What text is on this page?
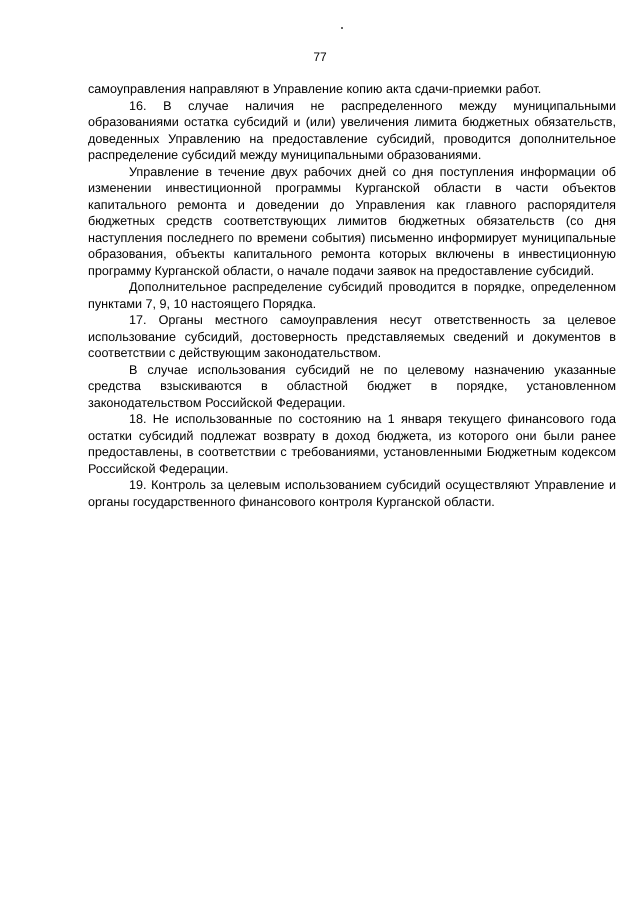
77

самоуправления направляют в Управление копию акта сдачи-приемки работ.

16. В случае наличия не распределенного между муниципальными образованиями остатка субсидий и (или) увеличения лимита бюджетных обязательств, доведенных Управлению на предоставление субсидий, проводится дополнительное распределение субсидий между муниципальными образованиями.

Управление в течение двух рабочих дней со дня поступления информации об изменении инвестиционной программы Курганской области в части объектов капитального ремонта и доведении до Управления как главного распорядителя бюджетных средств соответствующих лимитов бюджетных обязательств (со дня наступления последнего по времени события) письменно информирует муниципальные образования, объекты капитального ремонта которых включены в инвестиционную программу Курганской области, о начале подачи заявок на предоставление субсидий.

Дополнительное распределение субсидий проводится в порядке, определенном пунктами 7, 9, 10 настоящего Порядка.

17. Органы местного самоуправления несут ответственность за целевое использование субсидий, достоверность представляемых сведений и документов в соответствии с действующим законодательством.

В случае использования субсидий не по целевому назначению указанные средства взыскиваются в областной бюджет в порядке, установленном законодательством Российской Федерации.

18. Не использованные по состоянию на 1 января текущего финансового года остатки субсидий подлежат возврату в доход бюджета, из которого они были ранее предоставлены, в соответствии с требованиями, установленными Бюджетным кодексом Российской Федерации.

19. Контроль за целевым использованием субсидий осуществляют Управление и органы государственного финансового контроля Курганской области.
